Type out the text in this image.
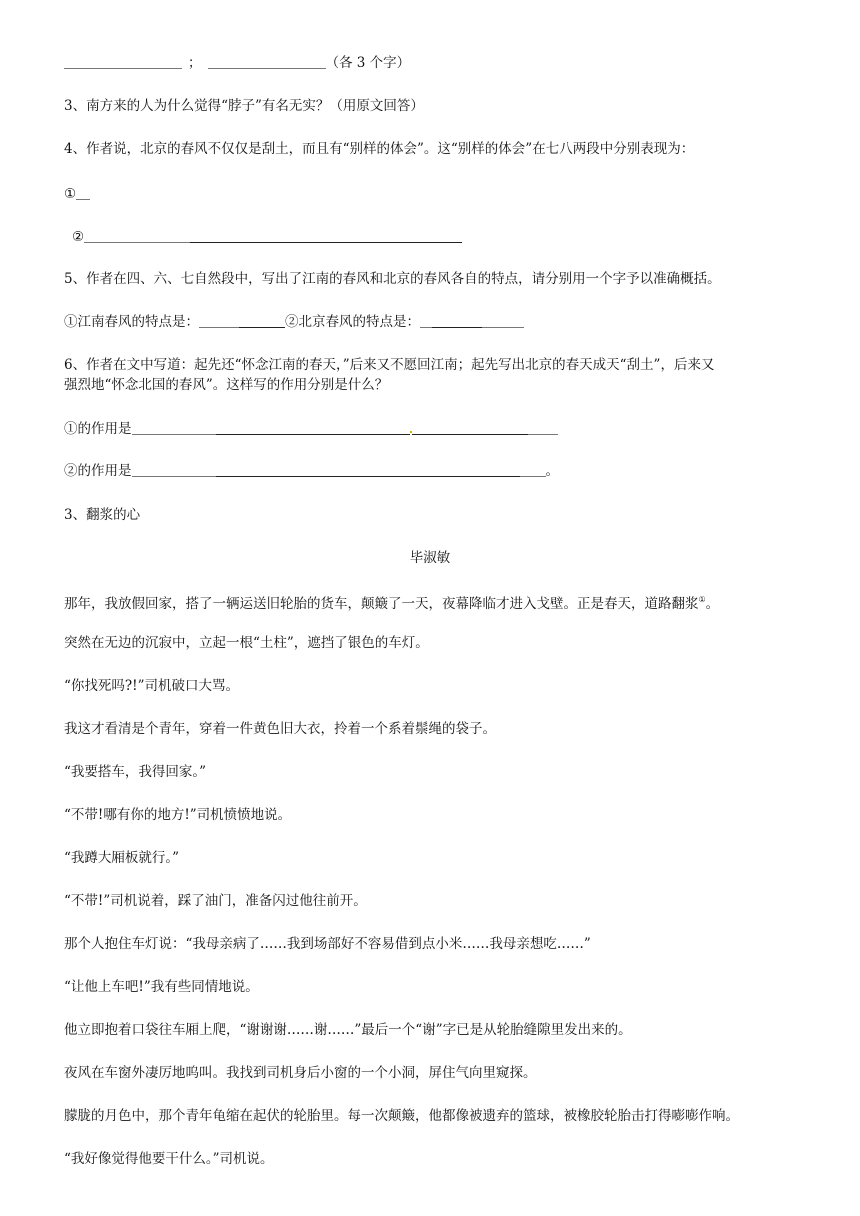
；	（各 3 个字）
3、南方来的人为什么觉得“脖子”有名无实？（用原文回答）
4、作者说，北京的春风不仅仅是刮土，而且有“别样的体会”。这“别样的体会”在七八两段中分别表现为：
①
②
5、作者在四、六、七自然段中，写出了江南的春风和北京的春风各自的特点，请分别用一个字予以准确概括。
①江南春风的特点是：	②北京春风的特点是：
6、作者在文中写道：起先还“怀念江南的春天，”后来又不愿回江南；起先写出北京的春天成天“刮土”，后来又
强烈地“怀念北国的春风”。这样写的作用分别是什么？
①的作用是
②的作用是	。
3、翻浆的心
毕淑敏
那年，我放假回家，搭了一辆运送旧轮胎的货车，颠簸了一天，夜幕降临才进入戈壁。正是春天，道路翻浆①。
突然在无边的沉寂中，立起一根“土柱”，遮挡了银色的车灯。
“你找死吗?!”司机破口大骂。
我这才看清是个青年，穿着一件黄色旧大衣，拎着一个系着鬃绳的袋子。
“我要搭车，我得回家。”
“不带!哪有你的地方!”司机愤愤地说。
“我蹲大厢板就行。”
“不带!”司机说着，踩了油门，准备闪过他往前开。
那个人抱住车灯说：“我母亲病了……我到场部好不容易借到点小米……我母亲想吃……”
“让他上车吧!”我有些同情地说。
他立即抱着口袋往车厢上爬，“谢谢谢……谢……”最后一个“谢”字已是从轮胎缝隙里发出来的。
夜风在车窗外凄厉地呜叫。我找到司机身后小窗的一个小洞，屏住气向里窥探。
朦胧的月色中，那个青年龟缩在起伏的轮胎里。每一次颠簸，他都像被遗弃的篮球，被橡胶轮胎击打得嘭嘭作响。
“我好像觉得他要干什么。”司机说。
